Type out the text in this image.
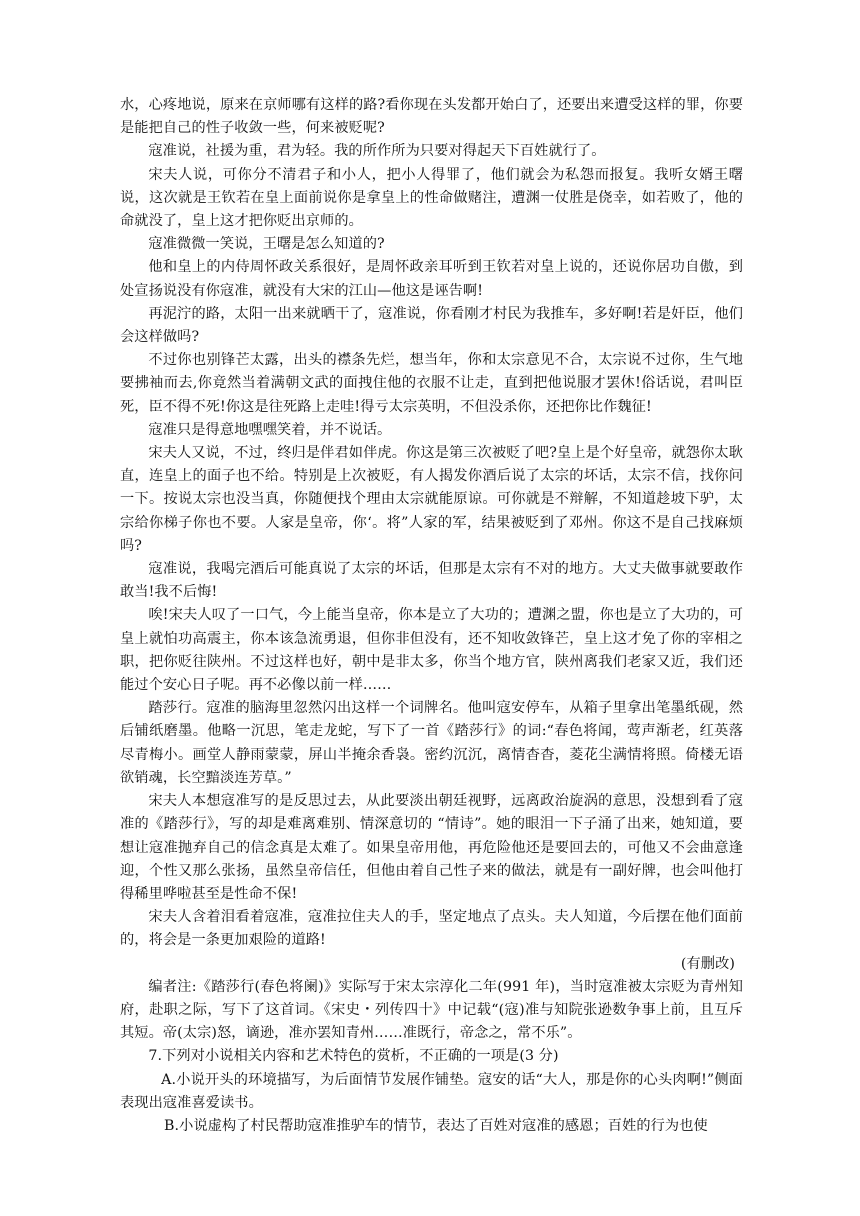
水，心疼地说，原来在京师哪有这样的路?看你现在头发都开始白了，还要出来遭受这样的罪，你要是能把自己的性子收敛一些，何来被贬呢?

寇准说，社援为重，君为轻。我的所作所为只要对得起天下百姓就行了。

宋夫人说，可你分不清君子和小人，把小人得罪了，他们就会为私怨而报复。我听女婿王曙说，这次就是王钦若在皇上面前说你是拿皇上的性命做赌注，遭渊一仗胜是侥幸，如若败了，他的命就没了，皇上这才把你贬出京师的。

寇准微微一笑说，王曙是怎么知道的?

他和皇上的内侍周怀政关系很好，是周怀政亲耳听到王钦若对皇上说的，还说你居功自傲，到处宣扬说没有你寇准，就没有大宋的江山—他这是诬告啊!

再泥泞的路，太阳一出来就晒干了，寇准说，你看刚才村民为我推车，多好啊!若是奸臣，他们会这样做吗?

不过你也别锋芒太露，出头的襟条先烂，想当年，你和太宗意见不合，太宗说不过你，生气地要拂袖而去,你竟然当着满朝文武的面拽住他的衣服不让走，直到把他说服才罢休!俗话说，君叫臣死，臣不得不死!你这是往死路上走哇!得亏太宗英明，不但没杀你，还把你比作魏征!

寇准只是得意地嘿嘿笑着，并不说话。

宋夫人又说，不过，终归是伴君如伴虎。你这是第三次被贬了吧?皇上是个好皇帝，就怨你太耿直，连皇上的面子也不给。特别是上次被贬，有人揭发你酒后说了太宗的坏话，太宗不信，找你问一下。按说太宗也没当真，你随便找个理由太宗就能原谅。可你就是不辩解，不知道趁坡下驴，太宗给你梯子你也不要。人家是皇帝，你‘。将”人家的军，结果被贬到了邓州。你这不是自己找麻烦吗?

寇准说，我喝完酒后可能真说了太宗的坏话，但那是太宗有不对的地方。大丈夫做事就要敢作敢当!我不后悔!

唉!宋夫人叹了一口气，今上能当皇帝，你本是立了大功的；遭渊之盟，你也是立了大功的，可皇上就怕功高震主，你本该急流勇退，但你非但没有，还不知收敛锋芒，皇上这才免了你的宰相之职，把你贬往陕州。不过这样也好，朝中是非太多，你当个地方官，陕州离我们老家又近，我们还能过个安心日子呢。再不必像以前一样……

踏莎行。寇准的脑海里忽然闪出这样一个词牌名。他叫寇安停车，从箱子里拿出笔墨纸砚，然后铺纸磨墨。他略一沉思，笔走龙蛇，写下了一首《踏莎行》的词:“春色将闻，莺声渐老，红英落尽青梅小。画堂人静雨蒙蒙，屏山半掩余香袅。密约沉沉，离情杳杳，菱花尘满情将照。倚楼无语欲销魂，长空黯淡连芳草。”

宋夫人本想寇准写的是反思过去，从此要淡出朝廷视野，远离政治旋涡的意思，没想到看了寇准的《踏莎行》，写的却是难离难别、情深意切的 “情诗”。她的眼泪一下子涌了出来，她知道，要想让寇准抛弃自己的信念真是太难了。如果皇帝用他，再危险他还是要回去的，可他又不会曲意逢迎，个性又那么张扬，虽然皇帝信任，但他由着自己性子来的做法，就是有一副好牌，也会叫他打得稀里哗啦甚至是性命不保!

宋夫人含着泪看着寇准，寇准拉住夫人的手，坚定地点了点头。夫人知道，今后摆在他们面前的，将会是一条更加艰险的道路!

(有删改)

编者注:《踏莎行(春色将阑)》实际写于宋太宗淳化二年(991 年)，当时寇准被太宗贬为青州知府，赴职之际，写下了这首词。《宋史・列传四十》中记载“(寇)准与知院张逊数争事上前，且互斥其短。帝(太宗)怒，谪逊，准亦罢知青州……准既行，帝念之，常不乐”。

7.下列对小说相关内容和艺术特色的赏析，不正确的一项是(3 分)

A.小说开头的环境描写，为后面情节发展作铺垫。寇安的话“大人，那是你的心头肉啊!”侧面表现出寇准喜爱读书。

B.小说虚构了村民帮助寇准推驴车的情节，表达了百姓对寇准的感恩；百姓的行为也使
